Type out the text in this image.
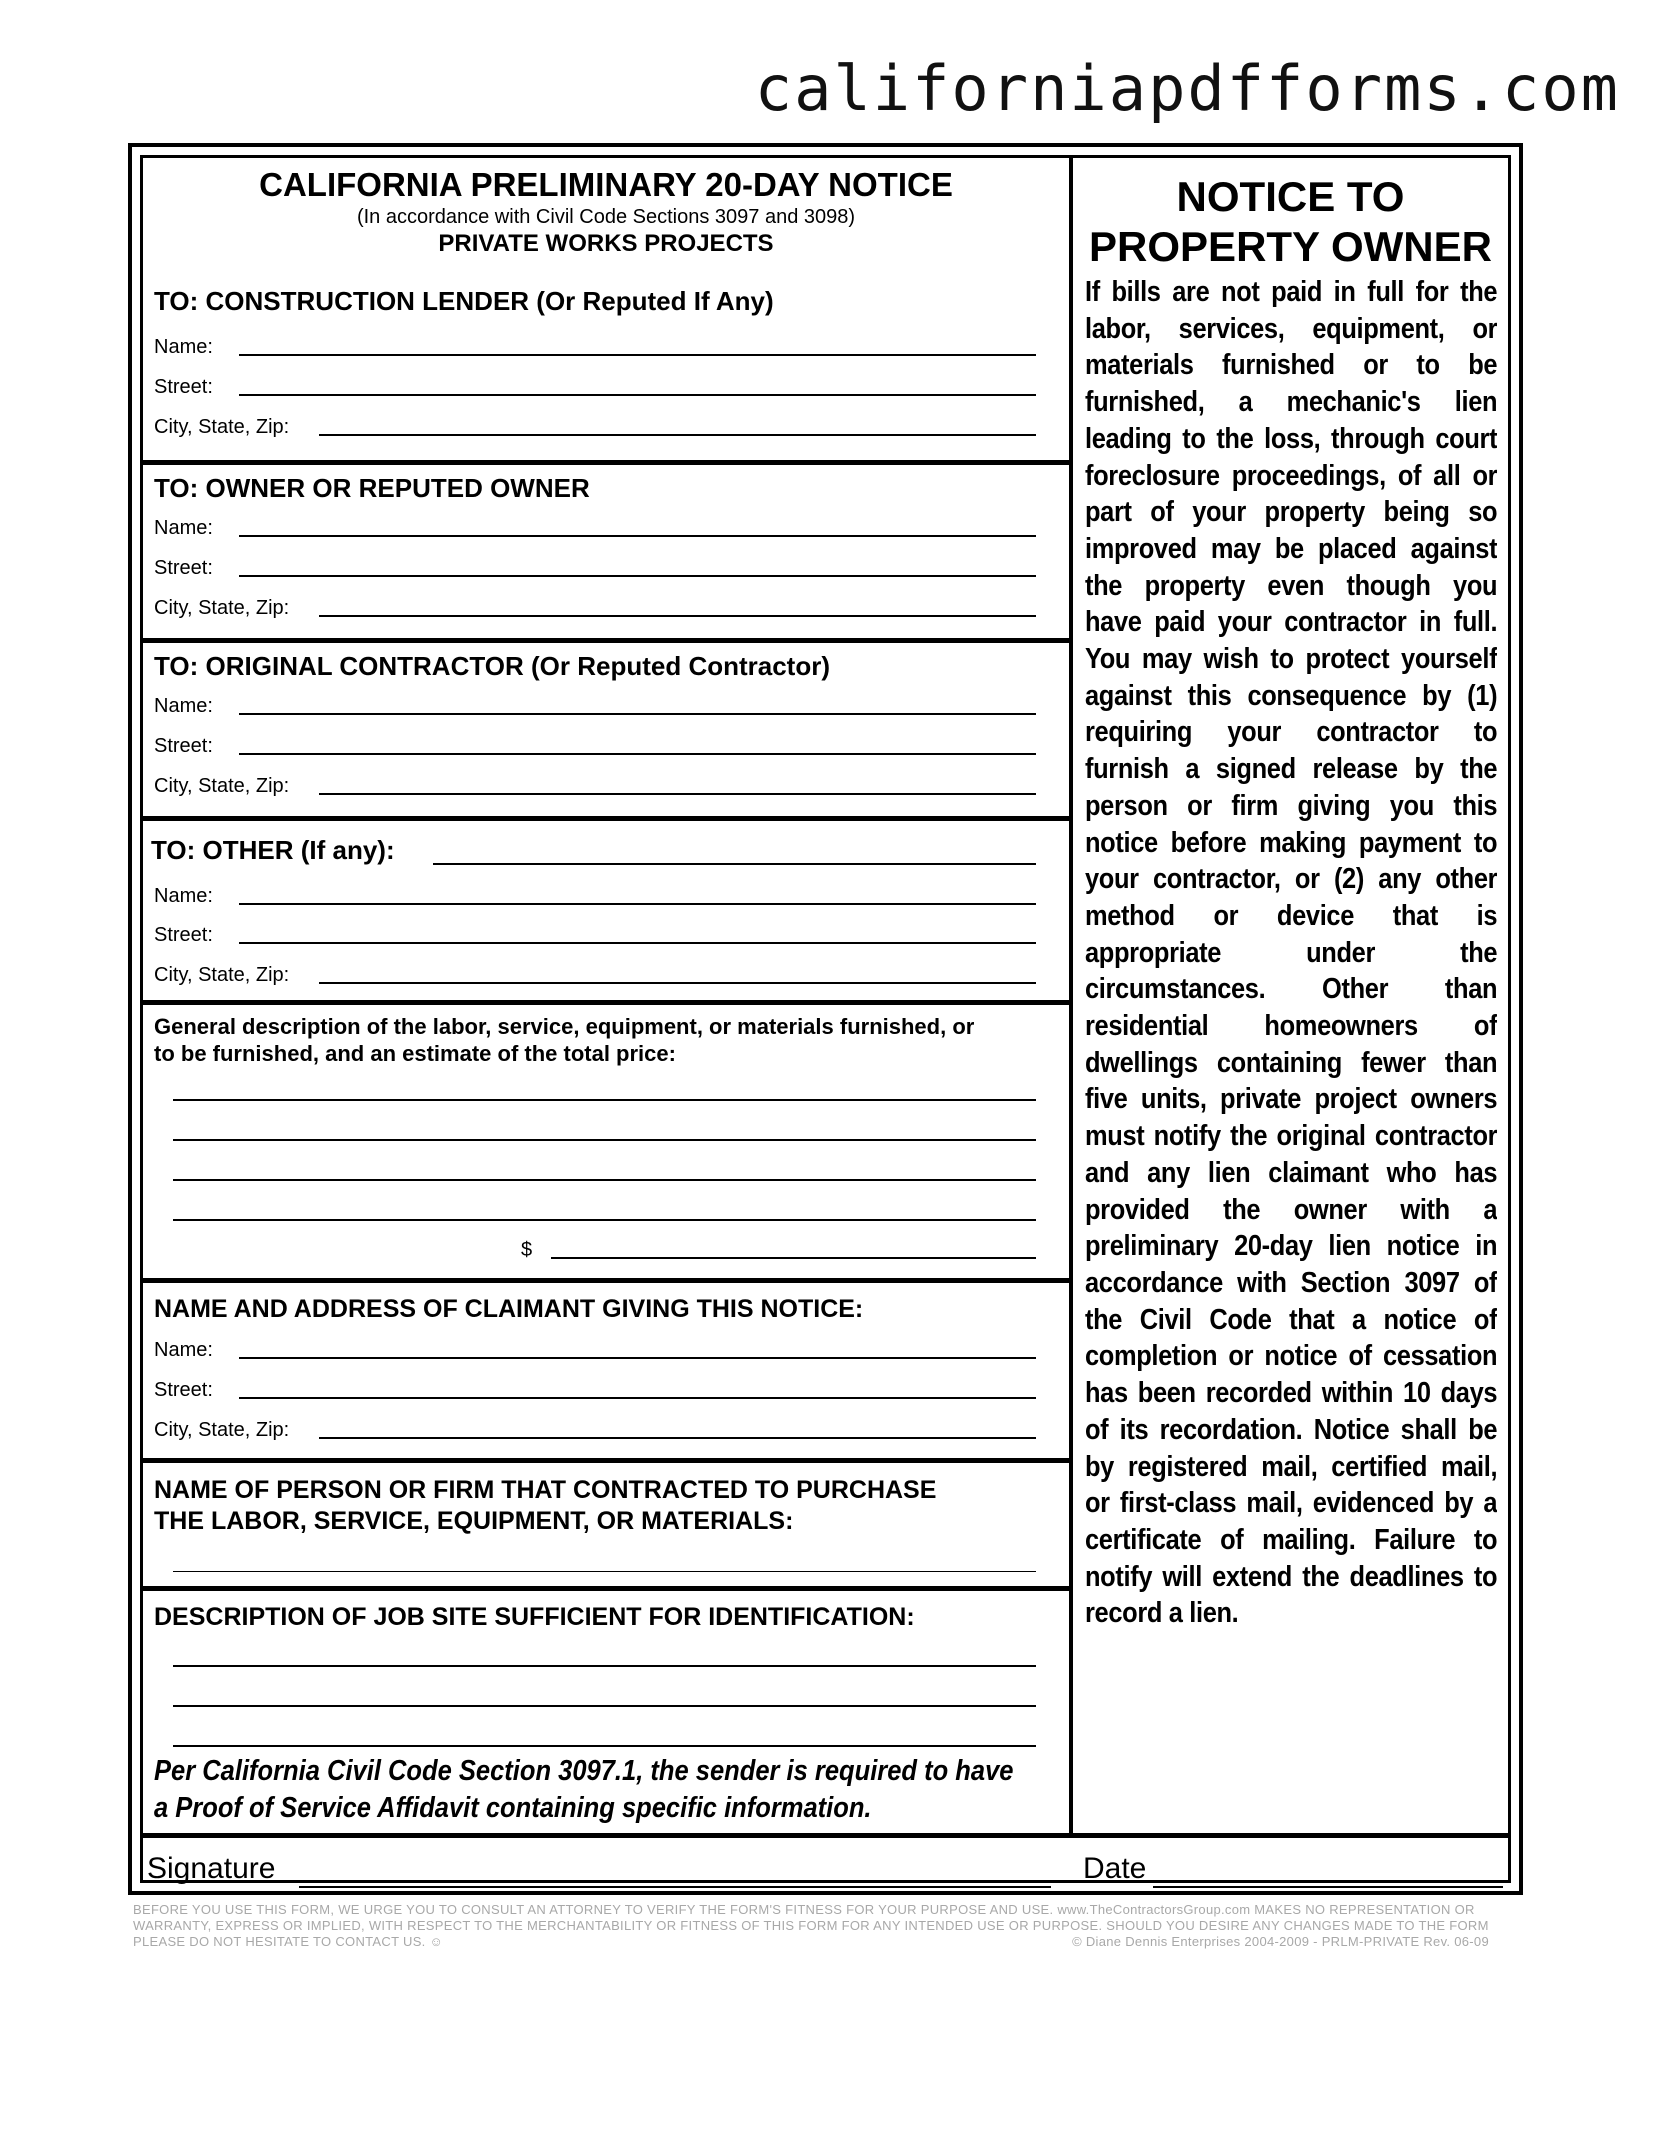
californiapdfforms.com
CALIFORNIA PRELIMINARY 20-DAY NOTICE
(In accordance with Civil Code Sections 3097 and 3098)
PRIVATE WORKS PROJECTS
TO: CONSTRUCTION LENDER (Or Reputed If Any)
Name:
Street:
City, State, Zip:
TO: OWNER OR REPUTED OWNER
Name:
Street:
City, State, Zip:
TO: ORIGINAL CONTRACTOR (Or Reputed Contractor)
Name:
Street:
City, State, Zip:
TO: OTHER (If any):
Name:
Street:
City, State, Zip:
General description of the labor, service, equipment, or materials furnished, or
to be furnished, and an estimate of the total price:
$
NAME AND ADDRESS OF CLAIMANT GIVING THIS NOTICE:
Name:
Street:
City, State, Zip:
NAME OF PERSON OR FIRM THAT CONTRACTED TO PURCHASE
THE LABOR, SERVICE, EQUIPMENT, OR MATERIALS:
DESCRIPTION OF JOB SITE SUFFICIENT FOR IDENTIFICATION:
Per California Civil Code Section 3097.1, the sender is required to have
a Proof of Service Affidavit containing specific information.
NOTICE TO
PROPERTY OWNER
If bills are not paid in full for the labor, services, equipment, or materials furnished or to be furnished, a mechanic's lien leading to the loss, through court foreclosure proceedings, of all or part of your property being so improved may be placed against the property even though you have paid your contractor in full. You may wish to protect yourself against this consequence by (1) requiring your contractor to furnish a signed release by the person or firm giving you this notice before making payment to your contractor, or (2) any other method or device that is appropriate under the circumstances. Other than residential homeowners of dwellings containing fewer than five units, private project owners must notify the original contractor and any lien claimant who has provided the owner with a preliminary 20-day lien notice in accordance with Section 3097 of the Civil Code that a notice of completion or notice of cessation has been recorded within 10 days of its recordation. Notice shall be by registered mail, certified mail, or first-class mail, evidenced by a certificate of mailing. Failure to notify will extend the deadlines to record a lien.
Signature	Date
BEFORE YOU USE THIS FORM, WE URGE YOU TO CONSULT AN ATTORNEY TO VERIFY THE FORM'S FITNESS FOR YOUR PURPOSE AND USE. www.TheContractorsGroup.com MAKES NO REPRESENTATION OR
WARRANTY, EXPRESS OR IMPLIED, WITH RESPECT TO THE MERCHANTABILITY OR FITNESS OF THIS FORM FOR ANY INTENDED USE OR PURPOSE. SHOULD YOU DESIRE ANY CHANGES MADE TO THE FORM
PLEASE DO NOT HESITATE TO CONTACT US. ☺	© Diane Dennis Enterprises 2004-2009 - PRLM-PRIVATE Rev. 06-09
